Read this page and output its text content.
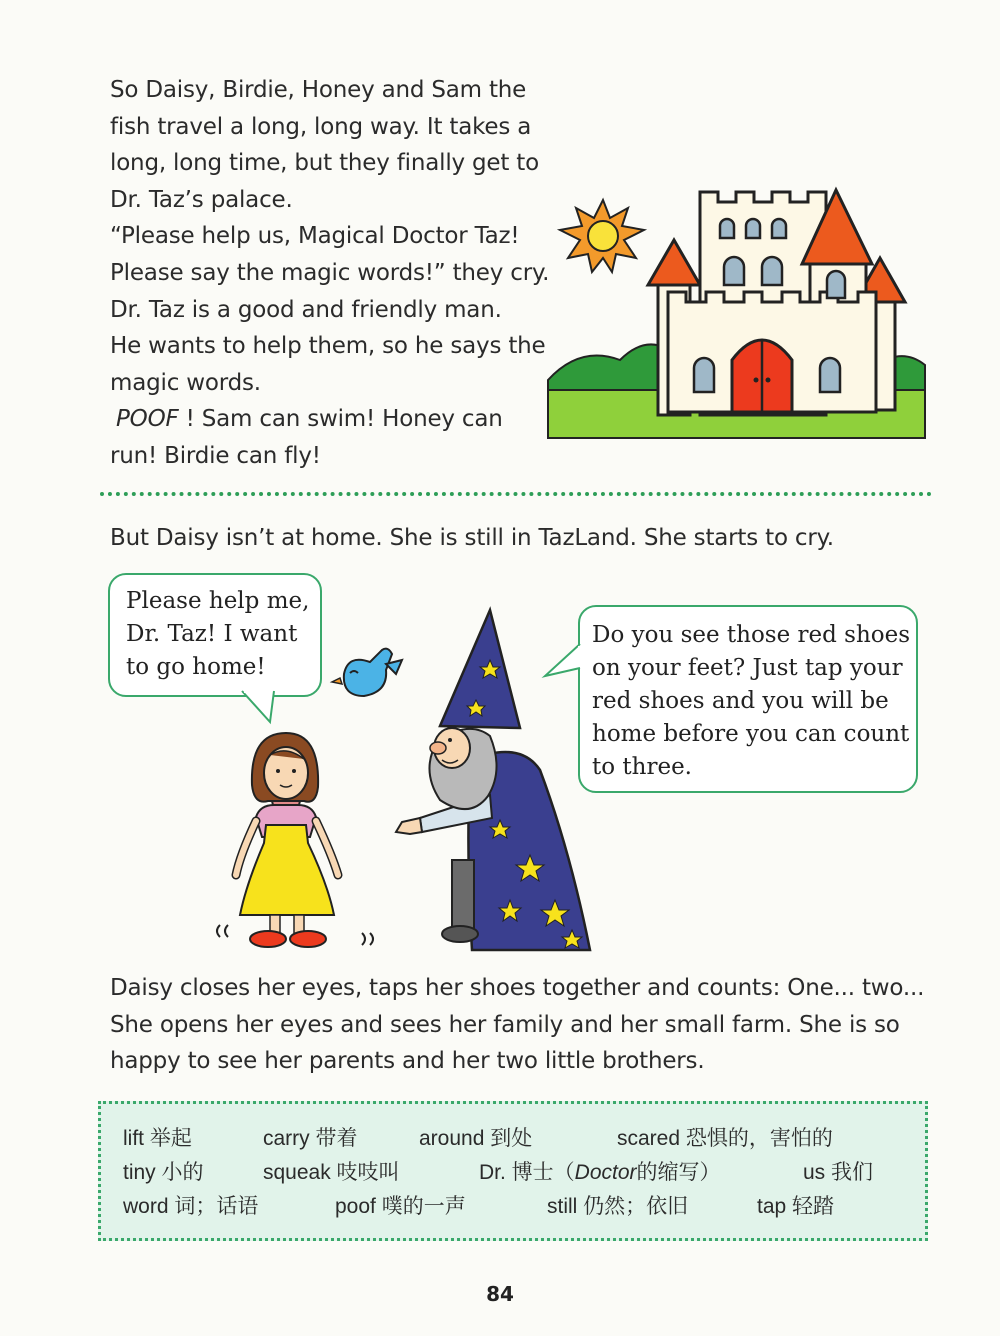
So Daisy, Birdie, Honey and Sam the
fish travel a long, long way. It takes a
long, long time, but they finally get to
Dr. Taz’s palace.
“Please help us, Magical Doctor Taz!
Please say the magic words!” they cry.
Dr. Taz is a good and friendly man.
He wants to help them, so he says the
magic words.
POOF ! Sam can swim! Honey can
run! Birdie can fly!
But Daisy isn’t at home. She is still in TazLand. She starts to cry.
Please help me,
Dr. Taz! I want
to go home!
Do you see those red shoes
on your feet? Just tap your
red shoes and you will be
home before you can count
to three.
Daisy closes her eyes, taps her shoes together and counts: One... two...
She opens her eyes and sees her family and her small farm. She is so
happy to see her parents and her two little brothers.
lift 举起	carry 带着	around 到处	scared 恐惧的，害怕的
tiny 小的	squeak 吱吱叫	Dr. 博士（Doctor的缩写）	us 我们
word 词；话语	poof 噗的一声	still 仍然；依旧	tap 轻踏
84
